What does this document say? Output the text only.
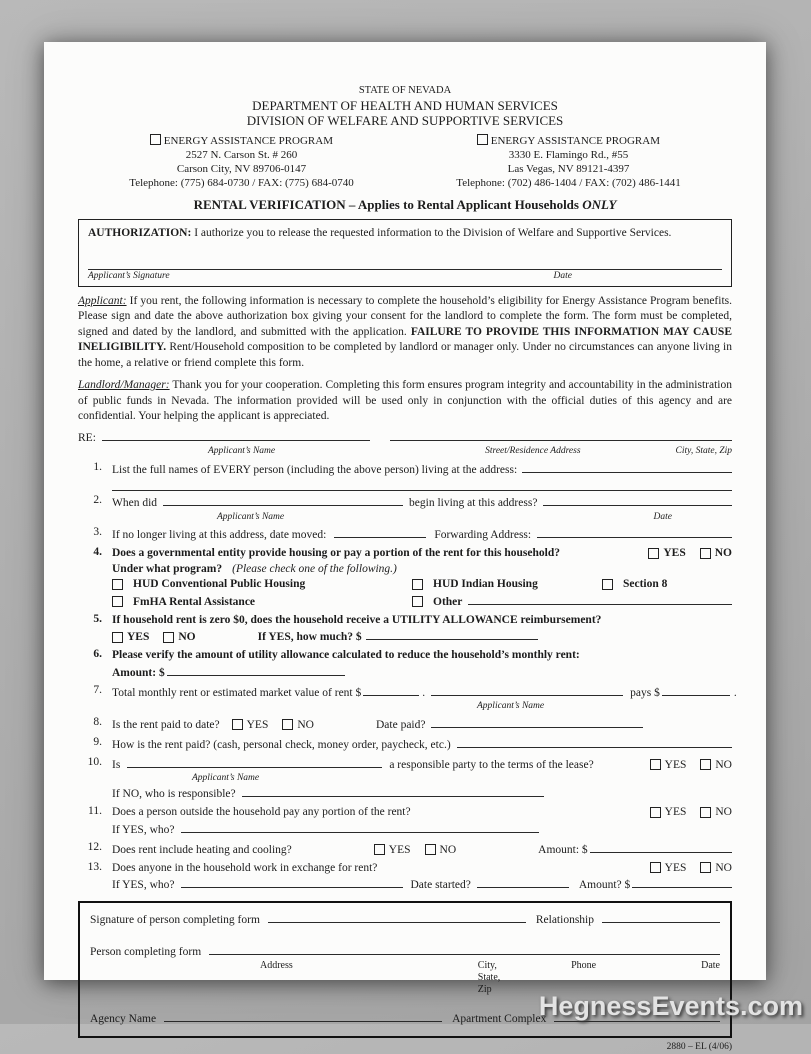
STATE OF NEVADA
DEPARTMENT OF HEALTH AND HUMAN SERVICES
DIVISION OF WELFARE AND SUPPORTIVE SERVICES
ENERGY ASSISTANCE PROGRAM
2527 N. Carson St. # 260
Carson City, NV 89706-0147
Telephone: (775) 684-0730 / FAX: (775) 684-0740
ENERGY ASSISTANCE PROGRAM
3330 E. Flamingo Rd., #55
Las Vegas, NV 89121-4397
Telephone: (702) 486-1404 / FAX: (702) 486-1441
RENTAL VERIFICATION – Applies to Rental Applicant Households ONLY
AUTHORIZATION: I authorize you to release the requested information to the Division of Welfare and Supportive Services.
Applicant’s Signature	Date
Applicant: If you rent, the following information is necessary to complete the household’s eligibility for Energy Assistance Program benefits. Please sign and date the above authorization box giving your consent for the landlord to complete the form. The form must be completed, signed and dated by the landlord, and submitted with the application. FAILURE TO PROVIDE THIS INFORMATION MAY CAUSE INELIGIBILITY. Rent/Household composition to be completed by landlord or manager only. Under no circumstances can anyone living in the home, a relative or friend complete this form.
Landlord/Manager: Thank you for your cooperation. Completing this form ensures program integrity and accountability in the administration of public funds in Nevada. The information provided will be used only in conjunction with the official duties of this agency and are confidential. Your helping the applicant is appreciated.
RE:
Applicant’s Name	Street/Residence Address	City, State, Zip
1. List the full names of EVERY person (including the above person) living at the address:
2. When did	begin living at this address?
Applicant’s Name	Date
3. If no longer living at this address, date moved:	Forwarding Address:
4. Does a governmental entity provide housing or pay a portion of the rent for this household?	YES	NO
Under what program? (Please check one of the following.)
HUD Conventional Public Housing	HUD Indian Housing	Section 8
FmHA Rental Assistance	Other
5. If household rent is zero $0, does the household receive a UTILITY ALLOWANCE reimbursement?
YES	NO	If YES, how much? $
6. Please verify the amount of utility allowance calculated to reduce the household’s monthly rent:
Amount: $
7. Total monthly rent or estimated market value of rent $	.	pays $	.
Applicant’s Name
8. Is the rent paid to date? YES	NO	Date paid?
9. How is the rent paid? (cash, personal check, money order, paycheck, etc.)
10. Is	a responsible party to the terms of the lease?	YES	NO
Applicant’s Name
If NO, who is responsible?
11. Does a person outside the household pay any portion of the rent?	YES	NO
If YES, who?
12. Does rent include heating and cooling?	YES	NO	Amount: $
13. Does anyone in the household work in exchange for rent?	YES	NO
If YES, who?	Date started?	Amount? $
Signature of person completing form	Relationship
Person completing form
Address	City, State, Zip
Phone	Date
Agency Name	Apartment Complex
2880 – EL (4/06)
HegnessEvents.com
